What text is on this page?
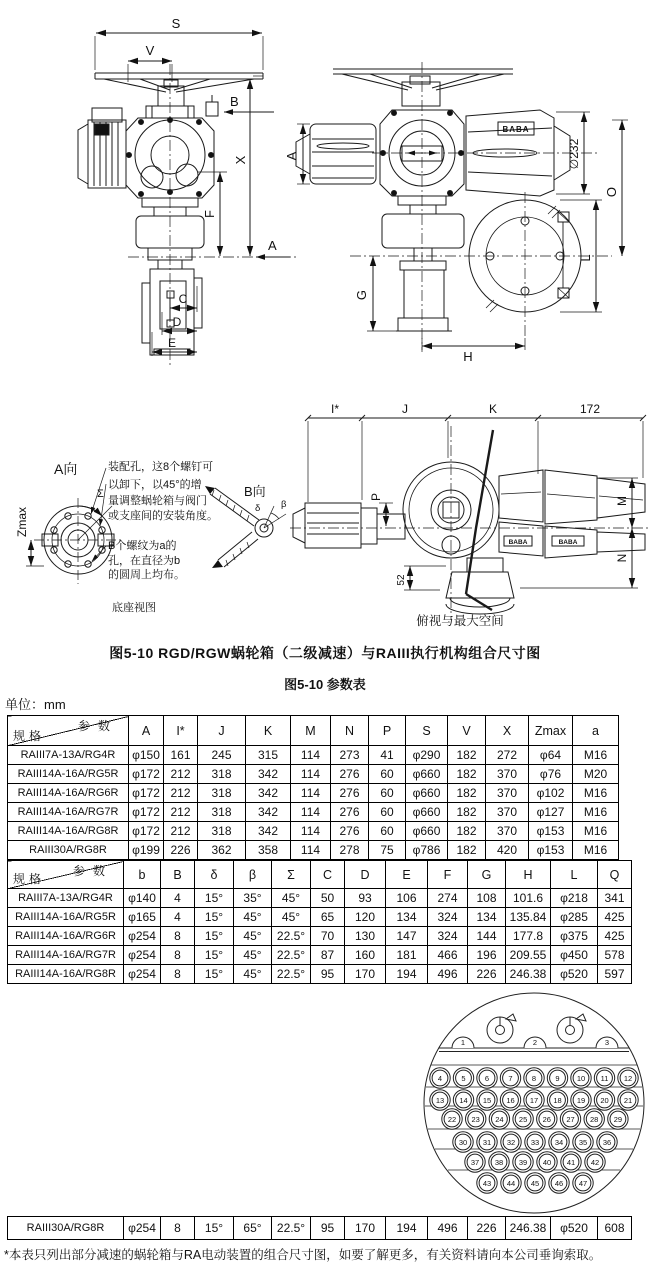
S
V
B
X
F
A
C
D
E
BABA
A	∅232
O
L
G
H
A向
Σ
Zmax
底座视图
装配孔，这8个螺钉可
以卸下，以45°的增
量调整蜗轮箱与阀门
或支座间的安装角度。
B个螺纹为a的
孔，在直径为b
的圆周上均布。
B向
δ β
I*	J	K	172
BABA	BABA
P	M
N
52
俯视与最大空间
图5-10 RGD/RGW蜗轮箱（二级减速）与RAIII执行机构组合尺寸图
图5-10 参数表
单位：mm
参数
规格	A	I*	J	K	M	N	P	S	V	X	Zmax	a
RAIII7A-13A/RG4R	φ150	161	245	315	114	273	41	φ290	182	272	φ64	M16
RAIII14A-16A/RG5R	φ172	212	318	342	114	276	60	φ660	182	370	φ76	M20
RAIII14A-16A/RG6R	φ172	212	318	342	114	276	60	φ660	182	370	φ102	M16
RAIII14A-16A/RG7R	φ172	212	318	342	114	276	60	φ660	182	370	φ127	M16
RAIII14A-16A/RG8R	φ172	212	318	342	114	276	60	φ660	182	370	φ153	M16
RAIII30A/RG8R	φ199	226	362	358	114	278	75	φ786	182	420	φ153	M16
参数
规格	b	B	δ	β	Σ	C	D	E	F	G	H	L	Q
RAIII7A-13A/RG4R	φ140	4	15°	35°	45°	50	93	106	274	108	101.6	φ218	341
RAIII14A-16A/RG5R	φ165	4	15°	45°	45°	65	120	134	324	134	135.84	φ285	425
RAIII14A-16A/RG6R	φ254	8	15°	45°	22.5°	70	130	147	324	144	177.8	φ375	425
RAIII14A-16A/RG7R	φ254	8	15°	45°	22.5°	87	160	181	466	196	209.55	φ450	578
RAIII14A-16A/RG8R	φ254	8	15°	45°	22.5°	95	170	194	496	226	246.38	φ520	597
4	5	6	7	8	9 10 11 12
13 14 15 16 17 18 19 20 21
22 23 24 25 26 27 28 29
30 31 32 33 34 35 36
37 38 39 40 41 42
43 44 45 46 47
1	2	3
RAIII30A/RG8R	φ254	8	15°	65°	22.5°	95	170	194	496	226	246.38	φ520	608
*本表只列出部分减速的蜗轮箱与RA电动装置的组合尺寸图，如要了解更多，有关资料请向本公司垂询索取。
